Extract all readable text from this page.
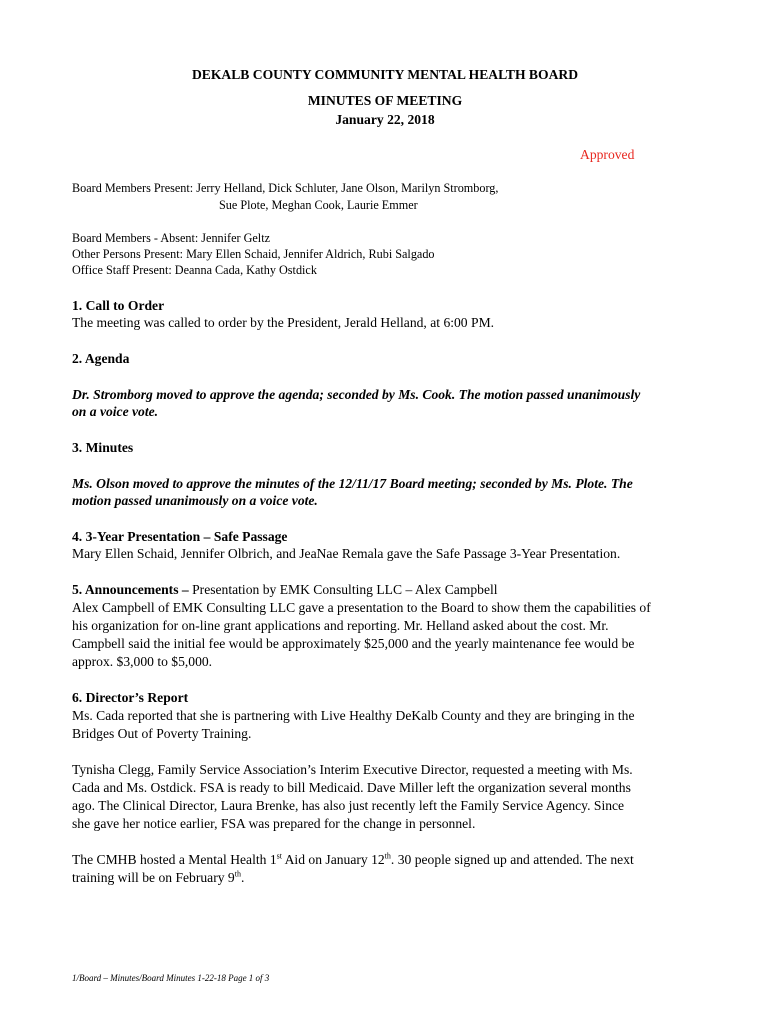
DEKALB COUNTY COMMUNITY MENTAL HEALTH BOARD
MINUTES OF MEETING
January 22, 2018
Approved
Board Members Present: Jerry Helland, Dick Schluter, Jane Olson, Marilyn Stromborg,
Sue Plote, Meghan Cook, Laurie Emmer
Board Members - Absent: Jennifer Geltz
Other Persons Present: Mary Ellen Schaid, Jennifer Aldrich, Rubi Salgado
Office Staff Present: Deanna Cada, Kathy Ostdick
1. Call to Order
The meeting was called to order by the President, Jerald Helland, at 6:00 PM.
2. Agenda
Dr. Stromborg moved to approve the agenda; seconded by Ms. Cook. The motion passed unanimously
on a voice vote.
3. Minutes
Ms. Olson moved to approve the minutes of the 12/11/17 Board meeting; seconded by Ms. Plote. The
motion passed unanimously on a voice vote.
4. 3-Year Presentation – Safe Passage
Mary Ellen Schaid, Jennifer Olbrich, and JeaNae Remala gave the Safe Passage 3-Year Presentation.
5. Announcements – Presentation by EMK Consulting LLC – Alex Campbell
Alex Campbell of EMK Consulting LLC gave a presentation to the Board to show them the capabilities of
his organization for on-line grant applications and reporting. Mr. Helland asked about the cost. Mr.
Campbell said the initial fee would be approximately $25,000 and the yearly maintenance fee would be
approx. $3,000 to $5,000.
6. Director’s Report
Ms. Cada reported that she is partnering with Live Healthy DeKalb County and they are bringing in the
Bridges Out of Poverty Training.
Tynisha Clegg, Family Service Association’s Interim Executive Director, requested a meeting with Ms.
Cada and Ms. Ostdick. FSA is ready to bill Medicaid. Dave Miller left the organization several months
ago. The Clinical Director, Laura Brenke, has also just recently left the Family Service Agency. Since
she gave her notice earlier, FSA was prepared for the change in personnel.
The CMHB hosted a Mental Health 1st Aid on January 12th. 30 people signed up and attended. The next
training will be on February 9th.
1/Board – Minutes/Board Minutes 1-22-18 Page 1 of 3
